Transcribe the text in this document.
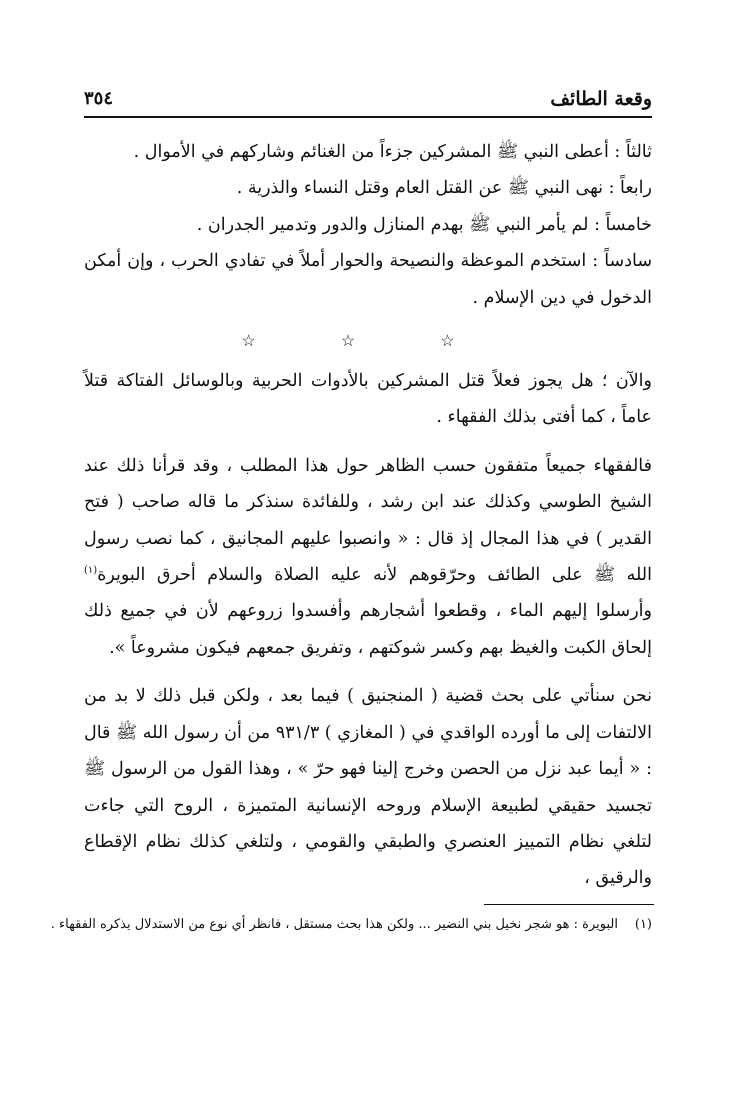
وقعة الطائف
٣٥٤

ثالثاً : أعطى النبي ﷺ المشركين جزءاً من الغنائم وشاركهم في الأموال .

رابعاً : نهى النبي ﷺ عن القتل العام وقتل النساء والذرية .

خامساً : لم يأمر النبي ﷺ بهدم المنازل والدور وتدمير الجدران .

سادساً : استخدم الموعظة والنصيحة والحوار أملاً في تفادي الحرب ، وإن أمكن الدخول في دين الإسلام .

☆ ☆ ☆

والآن ؛ هل يجوز فعلاً قتل المشركين بالأدوات الحربية وبالوسائل الفتاكة قتلاً عاماً ، كما أفتى بذلك الفقهاء .

فالفقهاء جميعاً متفقون حسب الظاهر حول هذا المطلب ، وقد قرأنا ذلك عند الشيخ الطوسي وكذلك عند ابن رشد ، وللفائدة سنذكر ما قاله صاحب ( فتح القدير ) في هذا المجال إذ قال : « وانصبوا عليهم المجانيق ، كما نصب رسول الله ﷺ على الطائف وحرّقوهم لأنه عليه الصلاة والسلام أحرق البويرة$^{(١)}$ وأرسلوا إليهم الماء ، وقطعوا أشجارهم وأفسدوا زروعهم لأن في جميع ذلك إلحاق الكبت والغيظ بهم وكسر شوكتهم ، وتفريق جمعهم فيكون مشروعاً ».

نحن سنأتي على بحث قضية ( المنجنيق ) فيما بعد ، ولكن قبل ذلك لا بد من الالتفات إلى ما أورده الواقدي في ( المغازي ) ٩٣١/٣ من أن رسول الله ﷺ قال : « أيما عبد نزل من الحصن وخرج إلينا فهو حرّ » ، وهذا القول من الرسول ﷺ تجسيد حقيقي لطبيعة الإسلام وروحه الإنسانية المتميزة ، الروح التي جاءت لتلغي نظام التمييز العنصري والطبقي والقومي ، ولتلغي كذلك نظام الإقطاع والرقيق ،

(١)البويرة : هو شجر نخيل بني النضير ... ولكن هذا بحث مستقل ، فانظر أي نوع من الاستدلال يذكره الفقهاء .
